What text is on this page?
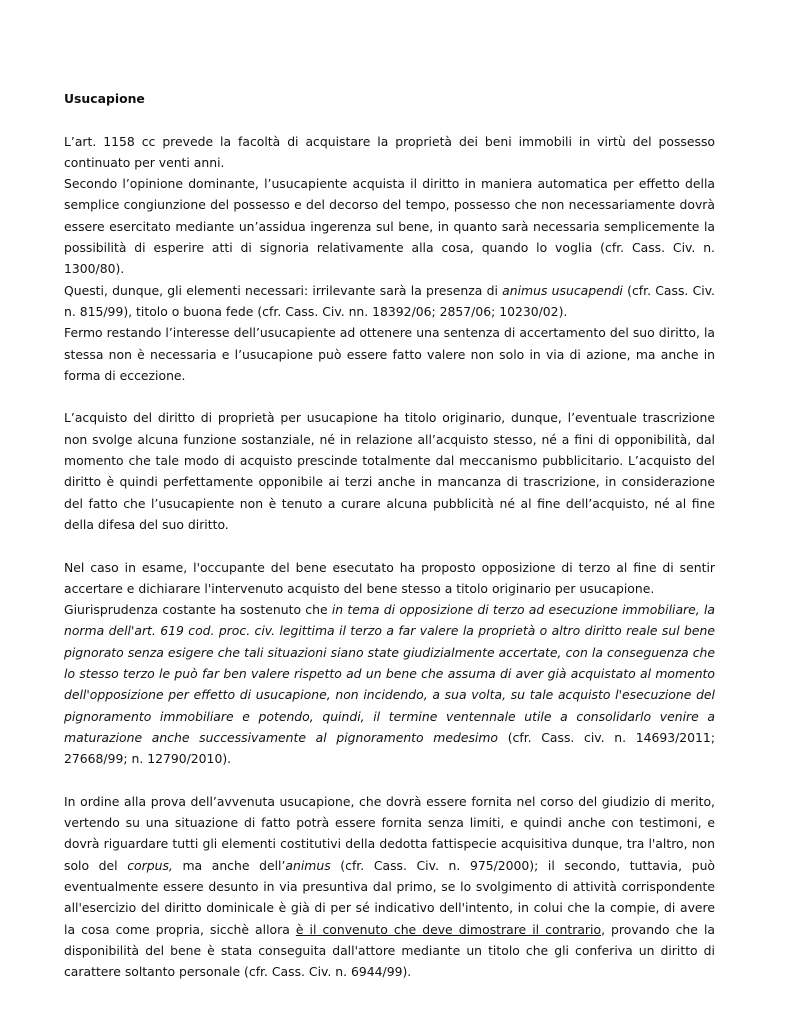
Usucapione

L’art. 1158 cc prevede la facoltà di acquistare la proprietà dei beni immobili in virtù del possesso continuato per venti anni.

Secondo l’opinione dominante, l’usucapiente acquista il diritto in maniera automatica per effetto della semplice congiunzione del possesso e del decorso del tempo, possesso che non necessariamente dovrà essere esercitato mediante un’assidua ingerenza sul bene, in quanto sarà necessaria semplicemente la possibilità di esperire atti di signoria relativamente alla cosa, quando lo voglia (cfr. Cass. Civ. n. 1300/80).

Questi, dunque, gli elementi necessari: irrilevante sarà la presenza di animus usucapendi (cfr. Cass. Civ. n. 815/99), titolo o buona fede (cfr. Cass. Civ. nn. 18392/06; 2857/06; 10230/02).

Fermo restando l’interesse dell’usucapiente ad ottenere una sentenza di accertamento del suo diritto, la stessa non è necessaria e l’usucapione può essere fatto valere non solo in via di azione, ma anche in forma di eccezione.

L’acquisto del diritto di proprietà per usucapione ha titolo originario, dunque, l’eventuale trascrizione non svolge alcuna funzione sostanziale, né in relazione all’acquisto stesso, né a fini di opponibilità, dal momento che tale modo di acquisto prescinde totalmente dal meccanismo pubblicitario. L’acquisto del diritto è quindi perfettamente opponibile ai terzi anche in mancanza di trascrizione, in considerazione del fatto che l’usucapiente non è tenuto a curare alcuna pubblicità né al fine dell’acquisto, né al fine della difesa del suo diritto.

Nel caso in esame, l'occupante del bene esecutato ha proposto opposizione di terzo al fine di sentir accertare e dichiarare l'intervenuto acquisto del bene stesso a titolo originario per usucapione.

Giurisprudenza costante ha sostenuto che in tema di opposizione di terzo ad esecuzione immobiliare, la norma dell'art. 619 cod. proc. civ. legittima il terzo a far valere la proprietà o altro diritto reale sul bene pignorato senza esigere che tali situazioni siano state giudizialmente accertate, con la conseguenza che lo stesso terzo le può far ben valere rispetto ad un bene che assuma di aver già acquistato al momento dell'opposizione per effetto di usucapione, non incidendo, a sua volta, su tale acquisto l'esecuzione del pignoramento immobiliare e potendo, quindi, il termine ventennale utile a consolidarlo venire a maturazione anche successivamente al pignoramento medesimo (cfr. Cass. civ. n. 14693/2011; 27668/99; n. 12790/2010).

In ordine alla prova dell’avvenuta usucapione, che dovrà essere fornita nel corso del giudizio di merito, vertendo su una situazione di fatto potrà essere fornita senza limiti, e quindi anche con testimoni, e dovrà riguardare tutti gli elementi costitutivi della dedotta fattispecie acquisitiva dunque, tra l'altro, non solo del corpus, ma anche dell’animus (cfr. Cass. Civ. n. 975/2000); il secondo, tuttavia, può eventualmente essere desunto in via presuntiva dal primo, se lo svolgimento di attività corrispondente all'esercizio del diritto dominicale è già di per sé indicativo dell'intento, in colui che la compie, di avere la cosa come propria, sicchè allora è il convenuto che deve dimostrare il contrario, provando che la disponibilità del bene è stata conseguita dall'attore mediante un titolo che gli conferiva un diritto di carattere soltanto personale (cfr. Cass. Civ. n. 6944/99).
